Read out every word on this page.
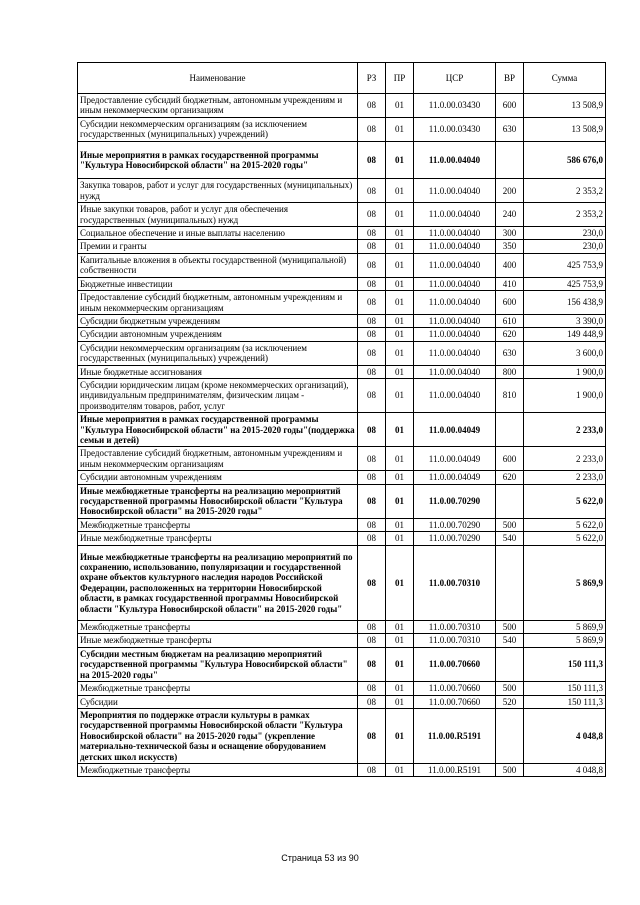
Наименование	РЗ	ПР	ЦСР	ВР	Сумма
Предоставление субсидий бюджетным, автономным учреждениям и иным некоммерческим организациям	08	01	11.0.00.03430	600	13 508,9
Субсидии некоммерческим организациям (за исключением государственных (муниципальных) учреждений)	08	01	11.0.00.03430	630	13 508,9
Иные мероприятия в рамках государственной программы "Культура Новосибирской области" на 2015-2020 годы"	08	01	11.0.00.04040		586 676,0
Закупка товаров, работ и услуг для государственных (муниципальных) нужд	08	01	11.0.00.04040	200	2 353,2
Иные закупки товаров, работ и услуг для обеспечения государственных (муниципальных) нужд	08	01	11.0.00.04040	240	2 353,2
Социальное обеспечение и иные выплаты населению	08	01	11.0.00.04040	300	230,0
Премии и гранты	08	01	11.0.00.04040	350	230,0
Капитальные вложения в объекты государственной (муниципальной) собственности	08	01	11.0.00.04040	400	425 753,9
Бюджетные инвестиции	08	01	11.0.00.04040	410	425 753,9
Предоставление субсидий бюджетным, автономным учреждениям и иным некоммерческим организациям	08	01	11.0.00.04040	600	156 438,9
Субсидии бюджетным учреждениям	08	01	11.0.00.04040	610	3 390,0
Субсидии автономным учреждениям	08	01	11.0.00.04040	620	149 448,9
Субсидии некоммерческим организациям (за исключением государственных (муниципальных) учреждений)	08	01	11.0.00.04040	630	3 600,0
Иные бюджетные ассигнования	08	01	11.0.00.04040	800	1 900,0
Субсидии юридическим лицам (кроме некоммерческих организаций), индивидуальным предпринимателям, физическим лицам - производителям товаров, работ, услуг	08	01	11.0.00.04040	810	1 900,0
Иные мероприятия в рамках государственной программы "Культура Новосибирской области" на 2015-2020 годы"(поддержка семьи и детей)	08	01	11.0.00.04049		2 233,0
Предоставление субсидий бюджетным, автономным учреждениям и иным некоммерческим организациям	08	01	11.0.00.04049	600	2 233,0
Субсидии автономным учреждениям	08	01	11.0.00.04049	620	2 233,0
Иные межбюджетные трансферты на реализацию мероприятий государственной программы Новосибирской области "Культура Новосибирской области" на 2015-2020 годы"	08	01	11.0.00.70290		5 622,0
Межбюджетные трансферты	08	01	11.0.00.70290	500	5 622,0
Иные межбюджетные трансферты	08	01	11.0.00.70290	540	5 622,0
Иные межбюджетные трансферты на реализацию мероприятий по сохранению, использованию, популяризации и государственной охране объектов культурного наследия народов Российской Федерации, расположенных на территории Новосибирской области, в рамках государственной программы Новосибирской области "Культура Новосибирской области" на 2015-2020 годы"	08	01	11.0.00.70310		5 869,9
Межбюджетные трансферты	08	01	11.0.00.70310	500	5 869,9
Иные межбюджетные трансферты	08	01	11.0.00.70310	540	5 869,9
Субсидии местным бюджетам на реализацию мероприятий государственной программы "Культура Новосибирской области" на 2015-2020 годы"	08	01	11.0.00.70660		150 111,3
Межбюджетные трансферты	08	01	11.0.00.70660	500	150 111,3
Субсидии	08	01	11.0.00.70660	520	150 111,3
Мероприятия по поддержке отрасли культуры в рамках государственной программы Новосибирской области "Культура Новосибирской области" на 2015-2020 годы" (укрепление материально-технической базы и оснащение оборудованием детских школ искусств)	08	01	11.0.00.R5191		4 048,8
Межбюджетные трансферты	08	01	11.0.00.R5191	500	4 048,8
Страница 53 из 90
